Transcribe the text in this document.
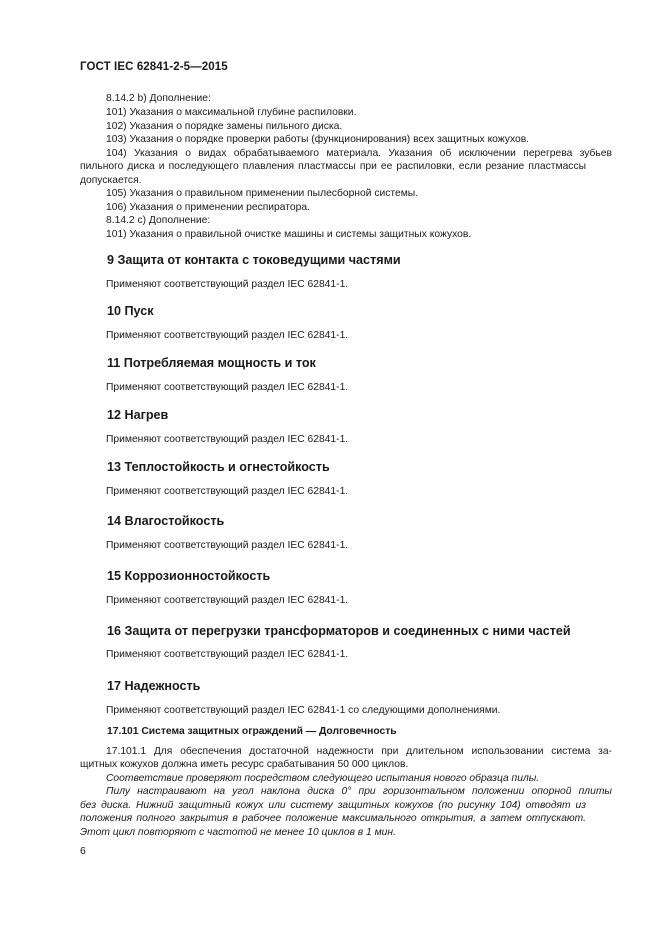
ГОСТ IEC 62841-2-5—2015
8.14.2 b) Дополнение:
101) Указания о максимальной глубине распиловки.
102) Указания о порядке замены пильного диска.
103) Указания о порядке проверки работы (функционирования) всех защитных кожухов.
104) Указания о видах обрабатываемого материала. Указания об исключении перегрева зубьев
пильного диска и последующего плавления пластмассы при ее распиловки, если резание пластмассы
допускается.
105) Указания о правильном применении пылесборной системы.
106) Указания о применении респиратора.
8.14.2 c) Дополнение:
101) Указания о правильной очистке машины и системы защитных кожухов.
9 Защита от контакта с токоведущими частями
Применяют соответствующий раздел IEC 62841-1.
10 Пуск
Применяют соответствующий раздел IEC 62841-1.
11 Потребляемая мощность и ток
Применяют соответствующий раздел IEC 62841-1.
12 Нагрев
Применяют соответствующий раздел IEC 62841-1.
13 Теплостойкость и огнестойкость
Применяют соответствующий раздел IEC 62841-1.
14 Влагостойкость
Применяют соответствующий раздел IEC 62841-1.
15 Коррозионностойкость
Применяют соответствующий раздел IEC 62841-1.
16 Защита от перегрузки трансформаторов и соединенных с ними частей
Применяют соответствующий раздел IEC 62841-1.
17 Надежность
Применяют соответствующий раздел IEC 62841-1 со следующими дополнениями.
17.101 Система защитных ограждений — Долговечность
17.101.1 Для обеспечения достаточной надежности при длительном использовании система за-
щитных кожухов должна иметь ресурс срабатывания 50 000 циклов.
Соответствие проверяют посредством следующего испытания нового образца пилы.
Пилу настраивают на угол наклона диска 0° при горизонтальном положении опорной плиты
без диска. Нижний защитный кожух или систему защитных кожухов (по рисунку 104) отводят из
положения полного закрытия в рабочее положение максимального открытия, а затем отпускают.
Этот цикл повторяют с частотой не менее 10 циклов в 1 мин.
6
